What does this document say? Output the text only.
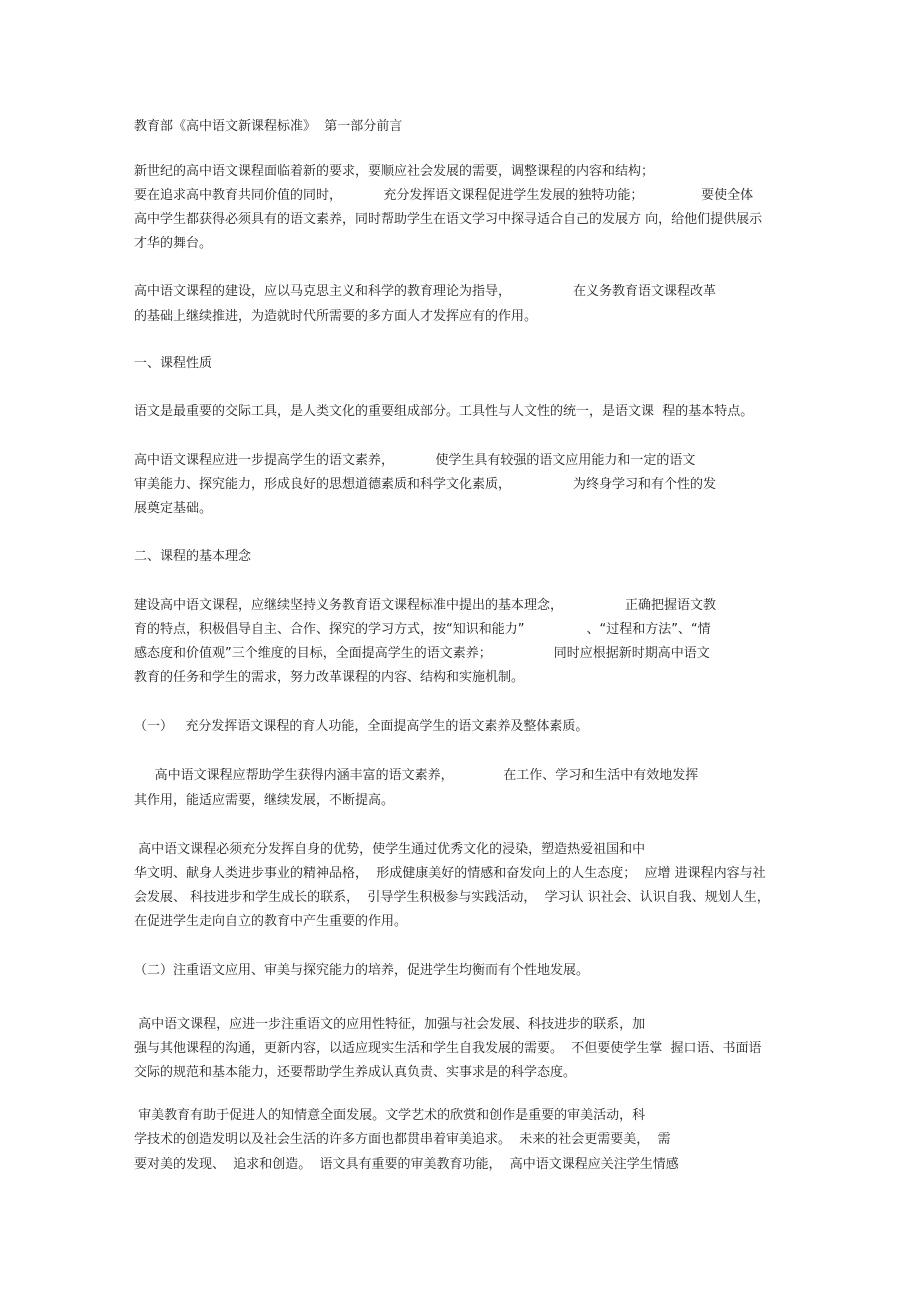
教育部《高中语文新课程标准》  第一部分前言
新世纪的高中语文课程面临着新的要求，要顺应社会发展的需要，调整课程的内容和结构；
要在追求高中教育共同价值的同时，          充分发挥语文课程促进学生发展的独特功能；              要使全体
高中学生都获得必须具有的语文素养，同时帮助学生在语文学习中探寻适合自己的发展方 向，给他们提供展示
才华的舞台。
高中语文课程的建设，应以马克思主义和科学的教育理论为指导，               在义务教育语文课程改革
的基础上继续推进，为造就时代所需要的多方面人才发挥应有的作用。
一、课程性质
语文是最重要的交际工具，是人类文化的重要组成部分。工具性与人文性的统一，是语文课  程的基本特点。
高中语文课程应进一步提高学生的语文素养，          使学生具有较强的语文应用能力和一定的语文
审美能力、探究能力，形成良好的思想道德素质和科学文化素质，               为终身学习和有个性的发
展奠定基础。
二、课程的基本理念
建设高中语文课程，应继续坚持义务教育语文课程标准中提出的基本理念，               正确把握语文教
育的特点，积极倡导自主、合作、探究的学习方式，按“知识和能力”               、“过程和方法”、“情
感态度和价值观”三个维度的目标，全面提高学生的语文素养；               同时应根据新时期高中语文
教育的任务和学生的需求，努力改革课程的内容、结构和实施机制。
（一）   充分发挥语文课程的育人功能，全面提高学生的语文素养及整体素质。
高中语文课程应帮助学生获得内涵丰富的语文素养，            在工作、学习和生活中有效地发挥
其作用，能适应需要，继续发展，不断提高。
高中语文课程必须充分发挥自身的优势，使学生通过优秀文化的浸染，塑造热爱祖国和中
华文明、献身人类进步事业的精神品格，  形成健康美好的情感和奋发向上的人生态度；  应增 进课程内容与社
会发展、 科技进步和学生成长的联系，  引导学生积极参与实践活动，  学习认 识社会、认识自我、规划人生，
在促进学生走向自立的教育中产生重要的作用。
（二）注重语文应用、审美与探究能力的培养，促进学生均衡而有个性地发展。
高中语文课程，应进一步注重语文的应用性特征，加强与社会发展、科技进步的联系，加
强与其他课程的沟通，更新内容，以适应现实生活和学生自我发展的需要。  不但要使学生掌  握口语、书面语
交际的规范和基本能力，还要帮助学生养成认真负责、实事求是的科学态度。
审美教育有助于促进人的知情意全面发展。文学艺术的欣赏和创作是重要的审美活动，科
学技术的创造发明以及社会生活的许多方面也都贯串着审美追求。  未来的社会更需要美，  需
要对美的发现、  追求和创造。  语文具有重要的审美教育功能，  高中语文课程应关注学生情感
